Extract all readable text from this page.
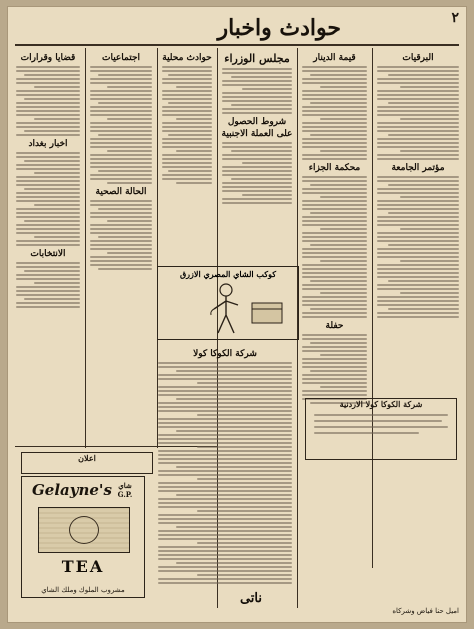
٢
حوادث واخبار
قضايا وقرارات
اخبار بغداد
الانتخابات
اجتماعيات
الحالة الصحية
حوادث محلية مجلس الوزراء
شروط الحصول على العملة الاجنبية
قيمة الدينار
محكمة الجزاء
حفلة
البرقيات
مؤتمر الجامعة
كوكب الشاي المصري الازرق
شركة الكوكا كولا الاردنية
اعلان
Gelayne's شاي G.P.
TEA
مشروب الملوك وملك الشاي
شركة الكوكا كولا
ناتى
اميل حنا فياض وشركاه
